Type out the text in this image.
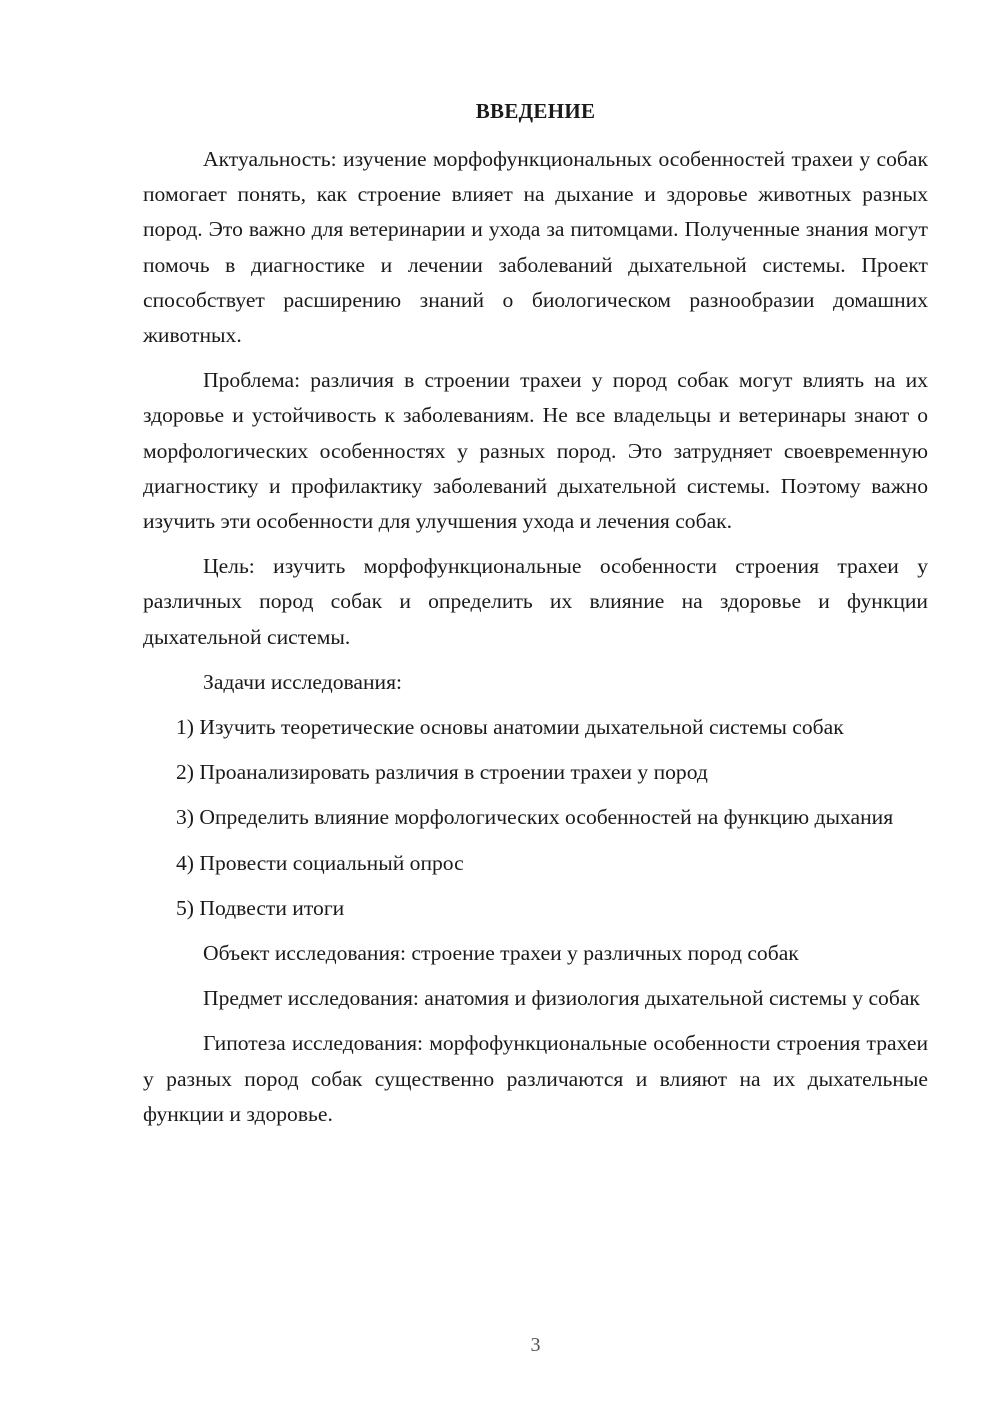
ВВЕДЕНИЕ

Актуальность: изучение морфофункциональных особенностей трахеи у собак помогает понять, как строение влияет на дыхание и здоровье животных разных пород. Это важно для ветеринарии и ухода за питомцами. Полученные знания могут помочь в диагностике и лечении заболеваний дыхательной системы. Проект способствует расширению знаний о биологическом разнообразии домашних животных.

Проблема: различия в строении трахеи у пород собак могут влиять на их здоровье и устойчивость к заболеваниям. Не все владельцы и ветеринары знают о морфологических особенностях у разных пород. Это затрудняет своевременную диагностику и профилактику заболеваний дыхательной системы. Поэтому важно изучить эти особенности для улучшения ухода и лечения собак.

Цель: изучить морфофункциональные особенности строения трахеи у различных пород собак и определить их влияние на здоровье и функции дыхательной системы.

Задачи исследования:

1) Изучить теоретические основы анатомии дыхательной системы собак

2) Проанализировать различия в строении трахеи у пород

3) Определить влияние морфологических особенностей на функцию дыхания

4) Провести социальный опрос

5) Подвести итоги

Объект исследования: строение трахеи у различных пород собак

Предмет исследования: анатомия и физиология дыхательной системы у собак

Гипотеза исследования: морфофункциональные особенности строения трахеи у разных пород собак существенно различаются и влияют на их дыхательные функции и здоровье.

3
